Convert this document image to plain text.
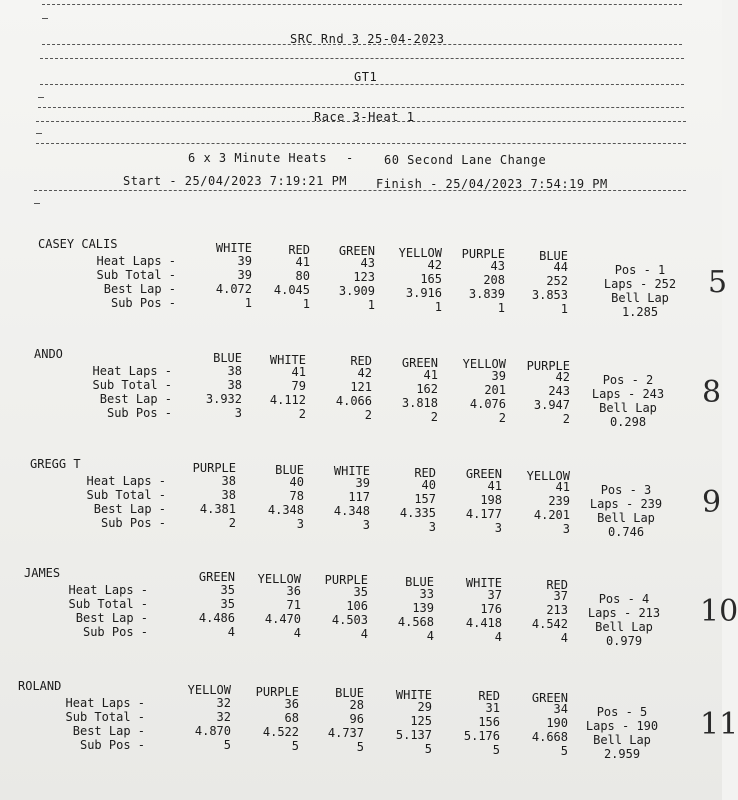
SRC Rnd 3 25-04-2023
GT1
Race 3-Heat 1
6 x 3 Minute Heats -	60 Second Lane Change
Start - 25/04/2023 7:19:21 PM Finish - 25/04/2023 7:54:19 PM
CASEY CALIS	WHITE	RED	GREEN	YELLOW	PURPLE	BLUE
Heat Laps -	39	41	43	42	43	44
Sub Total -	39	80	123	165	208	252
Best Lap -	4.072	4.045	3.909	3.916	3.839	3.853
Sub Pos -	1	1	1	1	1	1
Pos - 1
Laps - 252
Bell Lap
1.285
5
ANDO	BLUE	WHITE	RED	GREEN	YELLOW	PURPLE
Heat Laps -	38	41	42	41	39	42
Sub Total -	38	79	121	162	201	243
Best Lap -	3.932	4.112	4.066	3.818	4.076	3.947
Sub Pos -	3	2	2	2	2	2
Pos - 2
Laps - 243
Bell Lap
0.298
8
GREGG T	PURPLE	BLUE	WHITE	RED	GREEN	YELLOW
Heat Laps -	38	40	39	40	41	41
Sub Total -	38	78	117	157	198	239
Best Lap -	4.381	4.348	4.348	4.335	4.177	4.201
Sub Pos -	2	3	3	3	3	3
Pos - 3
Laps - 239
Bell Lap
0.746
9
JAMES	GREEN	YELLOW	PURPLE	BLUE	WHITE	RED
Heat Laps -	35	36	35	33	37	37
Sub Total -	35	71	106	139	176	213
Best Lap -	4.486	4.470	4.503	4.568	4.418	4.542
Sub Pos -	4	4	4	4	4	4
Pos - 4
Laps - 213
Bell Lap
0.979
10
ROLAND	YELLOW	PURPLE	BLUE	WHITE	RED	GREEN
Heat Laps -	32	36	28	29	31	34
Sub Total -	32	68	96	125	156	190
Best Lap -	4.870	4.522	4.737	5.137	5.176	4.668
Sub Pos -	5	5	5	5	5	5
Pos - 5
Laps - 190
Bell Lap
2.959
11
